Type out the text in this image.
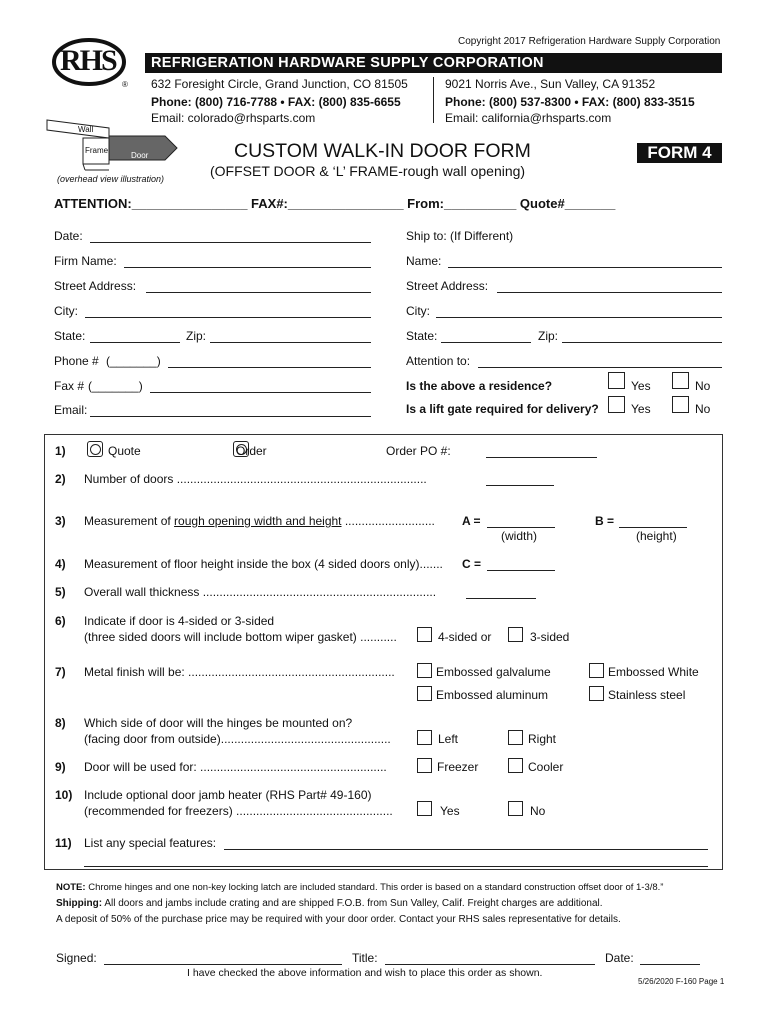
Copyright 2017 Refrigeration Hardware Supply Corporation
RHS
®
REFRIGERATION HARDWARE SUPPLY CORPORATION
632 Foresight Circle, Grand Junction, CO 81505
Phone: (800) 716-7788 • FAX: (800) 835-6655
Email: colorado@rhsparts.com
9021 Norris Ave., Sun Valley, CA 91352
Phone: (800) 537-8300 • FAX: (800) 833-3515
Email: california@rhsparts.com
Wall
Frame
Door
(overhead view illustration)
CUSTOM WALK-IN DOOR FORM
(OFFSET DOOR & ‘L’ FRAME-rough wall opening)
FORM 4
ATTENTION:________________ FAX#:________________ From:__________ Quote#_______
Date:
Firm Name:
Street Address:
City:
State:	Zip:
Phone # (_______)
Fax # (_______)
Email:
Ship to: (If Different)
Name:
Street Address:
City:
State:	Zip:
Attention to:
Is the above a residence?	Yes	No
Is a lift gate required for delivery?	Yes	No
1)
	Quote	Order	Order PO #:
2) Number of doors ...........................................................................
3) Measurement of rough opening width and height ........................... A =
(width)
B =
(height)
4) Measurement of floor height inside the box (4 sided doors only)....... C =
5) Overall wall thickness ......................................................................
6) Indicate if door is 4-sided or 3-sided
(three sided doors will include bottom wiper gasket) ...........	4-sided or	3-sided
7) Metal finish will be: ..............................................................	Embossed galvalume	Embossed White
Embossed aluminum	Stainless steel
8) Which side of door will the hinges be mounted on?
(facing door from outside)...................................................	Left	Right
9) Door will be used for: ........................................................	Freezer	Cooler
10) Include optional door jamb heater (RHS Part# 49-160)
(recommended for freezers) ...............................................	Yes	No
11) List any special features:
NOTE: Chrome hinges and one non-key locking latch are included standard. This order is based on a standard construction offset door of 1-3/8.”
Shipping: All doors and jambs include crating and are shipped F.O.B. from Sun Valley, Calif. Freight charges are additional.
A deposit of 50% of the purchase price may be required with your door order. Contact your RHS sales representative for details.
Signed:	Title:	Date:
I have checked the above information and wish to place this order as shown.
5/26/2020 F-160 Page 1
